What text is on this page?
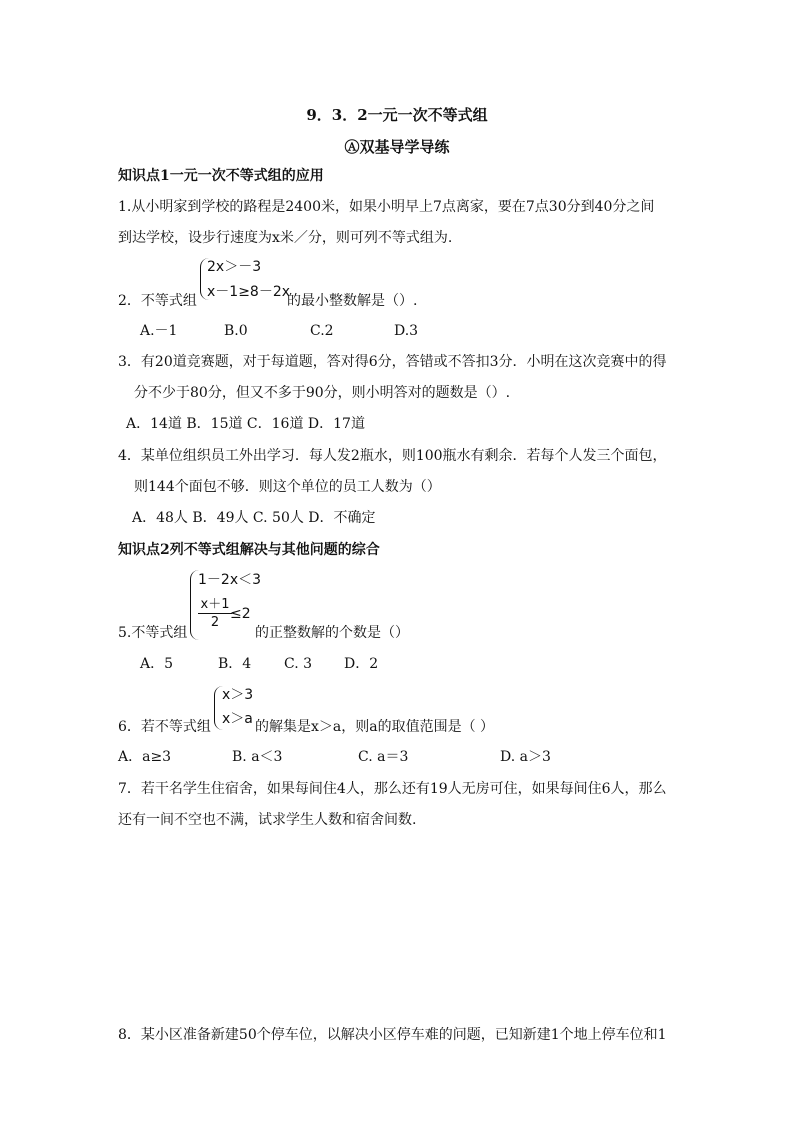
9．3．2一元一次不等式组
Ⓐ双基导学导练
知识点1一元一次不等式组的应用
1.从小明家到学校的路程是2400米，如果小明早上7点离家，要在7点30分到40分之间
到达学校，设步行速度为x米／分，则可列不等式组为.
2．不等式组
2x＞－3
x－1≥8－2x
的最小整数解是（）.
A.－1	B.0	C.2	D.3
3．有20道竞赛题，对于每道题，答对得6分，答错或不答扣3分．小明在这次竞赛中的得
分不少于80分，但又不多于90分，则小明答对的题数是（）.
A．14道 B．15道 C．16道 D．17道
4．某单位组织员工外出学习．每人发2瓶水，则100瓶水有剩余．若每个人发三个面包，
则144个面包不够．则这个单位的员工人数为（）
A．48人 B．49人 C. 50人 D．不确定
知识点2列不等式组解决与其他问题的综合
5.不等式组
1－2x＜3
x＋1
2
≤2
的正整数解的个数是（）
A．5	B．4 C. 3 D．2
6．若不等式组
x＞3
x＞a 的解集是x＞a，则a的取值范围是（ ）
A．a≥3	B. a＜3	C. a＝3	D. a＞3
7．若干名学生住宿舍，如果每间住4人，那么还有19人无房可住，如果每间住6人，那么
还有一间不空也不满，试求学生人数和宿舍间数.
8．某小区准备新建50个停车位，以解决小区停车难的问题，已知新建1个地上停车位和1
